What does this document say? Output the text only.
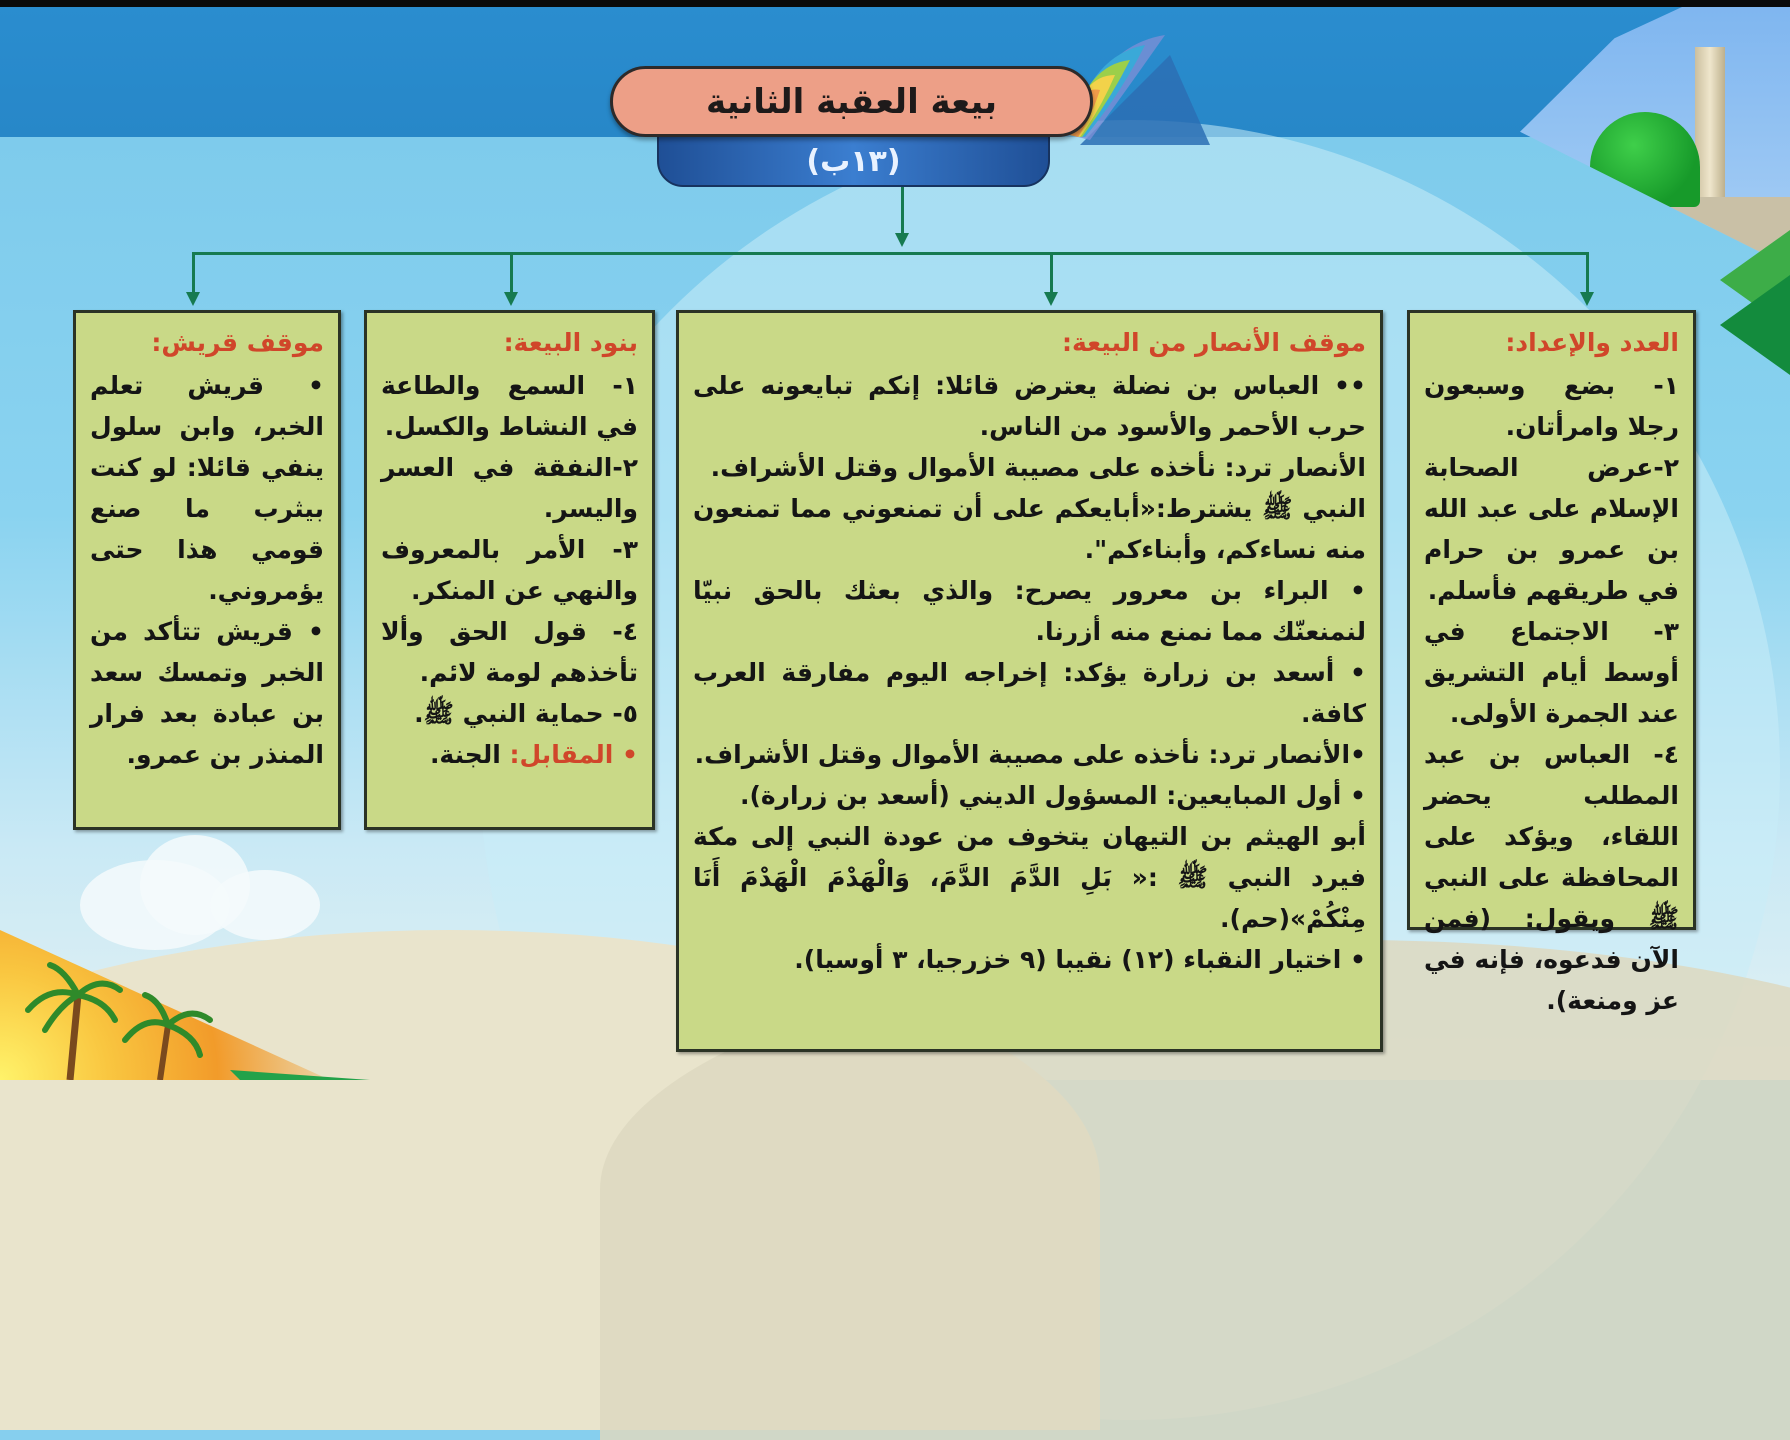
(١٣ب)
بيعة العقبة الثانية
العدد والإعداد:

١- بضع وسبعون رجلا وامرأتان.

٢-عرض الصحابة الإسلام على عبد الله بن عمرو بن حرام في طريقهم فأسلم.

٣- الاجتماع في أوسط أيام التشريق عند الجمرة الأولى.

٤- العباس بن عبد المطلب يحضر اللقاء، ويؤكد على المحافظة على النبي ﷺ ويقول: (فمن الآن فدعوه، فإنه في عز ومنعة).

موقف الأنصار من البيعة:

•• العباس بن نضلة يعترض قائلا: إنكم تبايعونه على حرب الأحمر والأسود من الناس.

الأنصار ترد: نأخذه على مصيبة الأموال وقتل الأشراف.

النبي ﷺ يشترط:«أبايعكم على أن تمنعوني مما تمنعون منه نساءكم، وأبناءكم".

• البراء بن معرور يصرح: والذي بعثك بالحق نبيّا لنمنعنّك مما نمنع منه أزرنا.

• أسعد بن زرارة يؤكد: إخراجه اليوم مفارقة العرب كافة.

•الأنصار ترد: نأخذه على مصيبة الأموال وقتل الأشراف.

• أول المبايعين: المسؤول الديني (أسعد بن زرارة).

أبو الهيثم بن التيهان يتخوف من عودة النبي إلى مكة فيرد النبي ﷺ :« بَلِ الدَّمَ الدَّمَ، وَالْهَدْمَ الْهَدْمَ أَنَا مِنْكُمْ»(حم).

• اختيار النقباء (١٢) نقيبا (٩ خزرجيا، ٣ أوسيا).

بنود البيعة:

١- السمع والطاعة في النشاط والكسل.

٢-النفقة في العسر واليسر.

٣- الأمر بالمعروف والنهي عن المنكر.

٤- قول الحق وألا تأخذهم لومة لائم.

٥- حماية النبي ﷺ.

• المقابل: الجنة.

موقف قريش:

• قريش تعلم الخبر، وابن سلول ينفي قائلا: لو كنت بيثرب ما صنع قومي هذا حتى يؤمروني.

• قريش تتأكد من الخبر وتمسك سعد بن عبادة بعد فرار المنذر بن عمرو.
